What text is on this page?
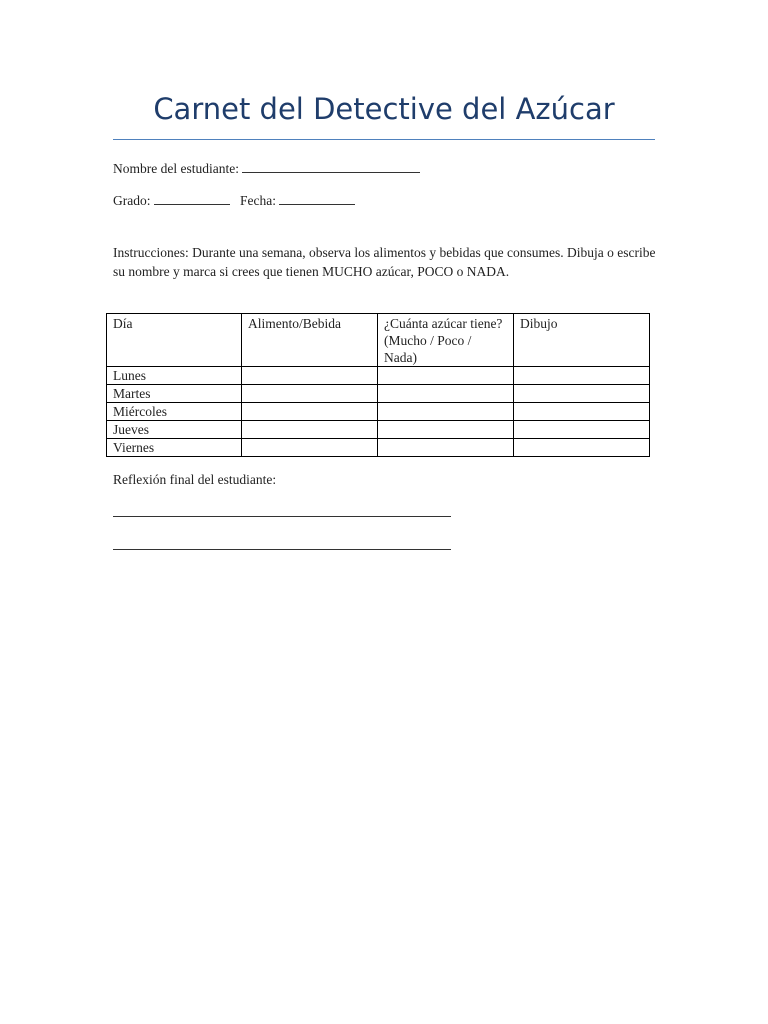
Carnet del Detective del Azúcar
Nombre del estudiante:
Grado:	Fecha:
Instrucciones: Durante una semana, observa los alimentos y bebidas que consumes. Dibuja o escribe su nombre y marca si crees que tienen MUCHO azúcar, POCO o NADA.
Día	Alimento/Bebida	¿Cuánta azúcar tiene? (Mucho / Poco / Nada)	Dibujo
Lunes			
Martes			
Miércoles			
Jueves			
Viernes			
Reflexión final del estudiante:
